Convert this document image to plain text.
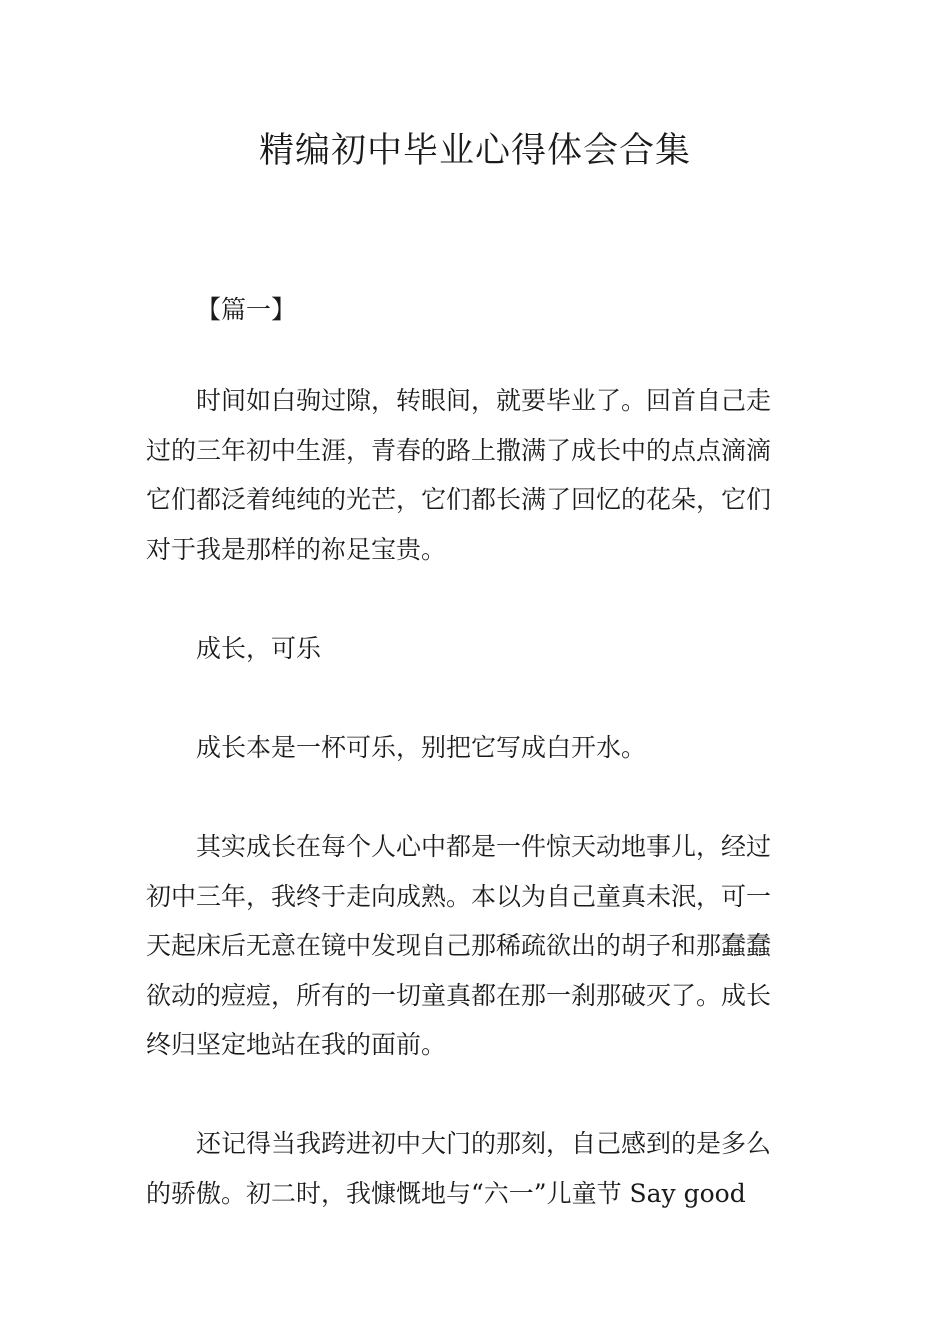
精编初中毕业心得体会合集
【篇一】
时间如白驹过隙，转眼间，就要毕业了。回首自己走
过的三年初中生涯，青春的路上撒满了成长中的点点滴滴
它们都泛着纯纯的光芒，它们都长满了回忆的花朵，它们
对于我是那样的祢足宝贵。
成长，可乐
成长本是一杯可乐，别把它写成白开水。
其实成长在每个人心中都是一件惊天动地事儿，经过
初中三年，我终于走向成熟。本以为自己童真未泯，可一
天起床后无意在镜中发现自己那稀疏欲出的胡子和那蠢蠢
欲动的痘痘，所有的一切童真都在那一刹那破灭了。成长
终归坚定地站在我的面前。
还记得当我跨进初中大门的那刻，自己感到的是多么
的骄傲。初二时，我慷慨地与“六一”儿童节 Say good
